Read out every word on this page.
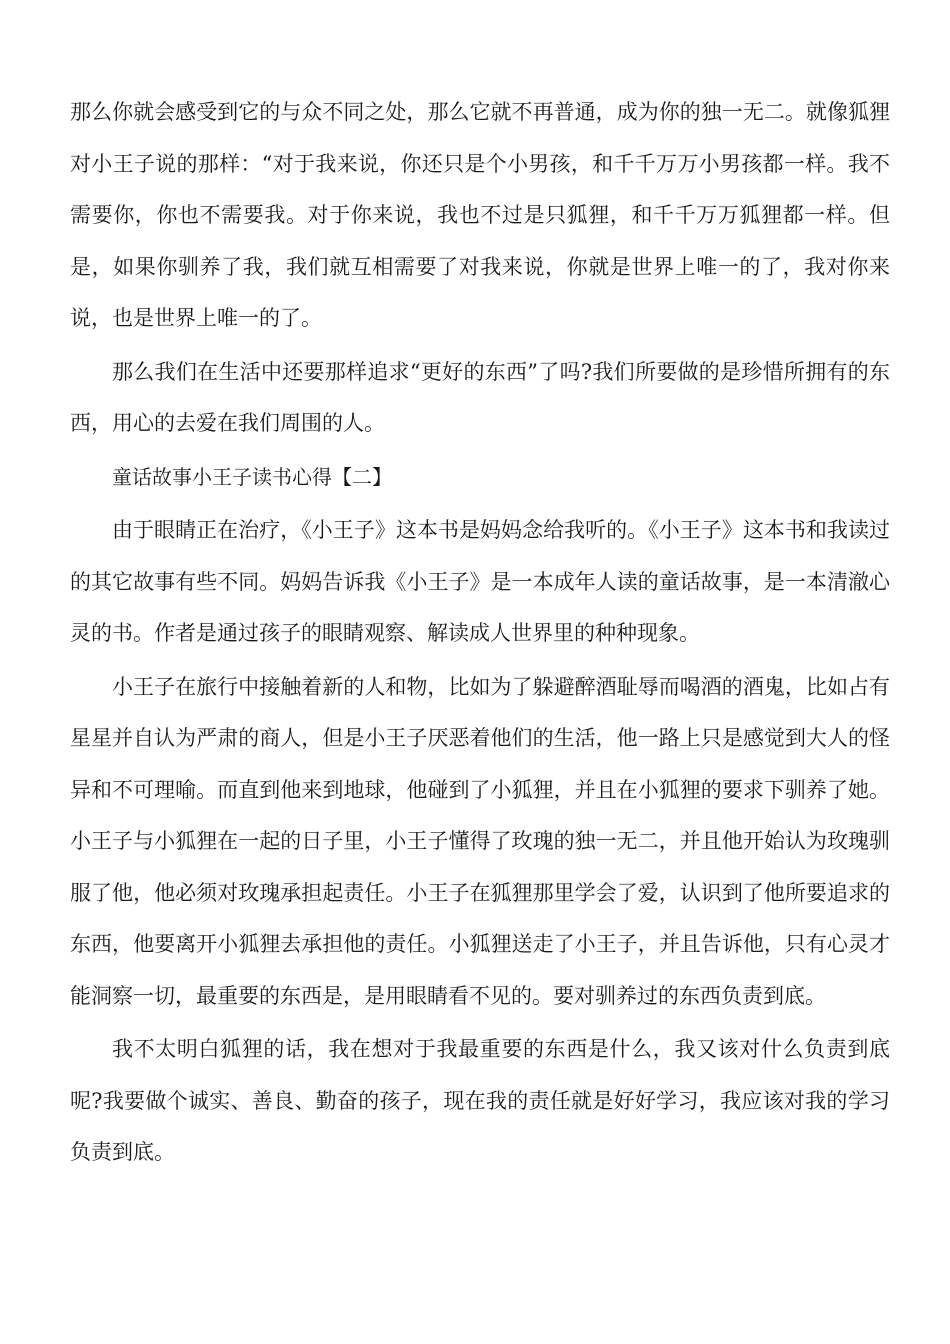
那么你就会感受到它的与众不同之处，那么它就不再普通，成为你的独一无二。就像狐狸对小王子说的那样：“对于我来说，你还只是个小男孩，和千千万万小男孩都一样。我不需要你，你也不需要我。对于你来说，我也不过是只狐狸，和千千万万狐狸都一样。但是，如果你驯养了我，我们就互相需要了对我来说，你就是世界上唯一的了，我对你来说，也是世界上唯一的了。

那么我们在生活中还要那样追求“更好的东西”了吗?我们所要做的是珍惜所拥有的东西，用心的去爱在我们周围的人。

童话故事小王子读书心得【二】

由于眼睛正在治疗，《小王子》这本书是妈妈念给我听的。《小王子》这本书和我读过的其它故事有些不同。妈妈告诉我《小王子》是一本成年人读的童话故事，是一本清澈心灵的书。作者是通过孩子的眼睛观察、解读成人世界里的种种现象。

小王子在旅行中接触着新的人和物，比如为了躲避醉酒耻辱而喝酒的酒鬼，比如占有星星并自认为严肃的商人，但是小王子厌恶着他们的生活，他一路上只是感觉到大人的怪异和不可理喻。而直到他来到地球，他碰到了小狐狸，并且在小狐狸的要求下驯养了她。小王子与小狐狸在一起的日子里，小王子懂得了玫瑰的独一无二，并且他开始认为玫瑰驯服了他，他必须对玫瑰承担起责任。小王子在狐狸那里学会了爱，认识到了他所要追求的东西，他要离开小狐狸去承担他的责任。小狐狸送走了小王子，并且告诉他，只有心灵才能洞察一切，最重要的东西是，是用眼睛看不见的。要对驯养过的东西负责到底。

我不太明白狐狸的话，我在想对于我最重要的东西是什么，我又该对什么负责到底呢?我要做个诚实、善良、勤奋的孩子，现在我的责任就是好好学习，我应该对我的学习负责到底。
